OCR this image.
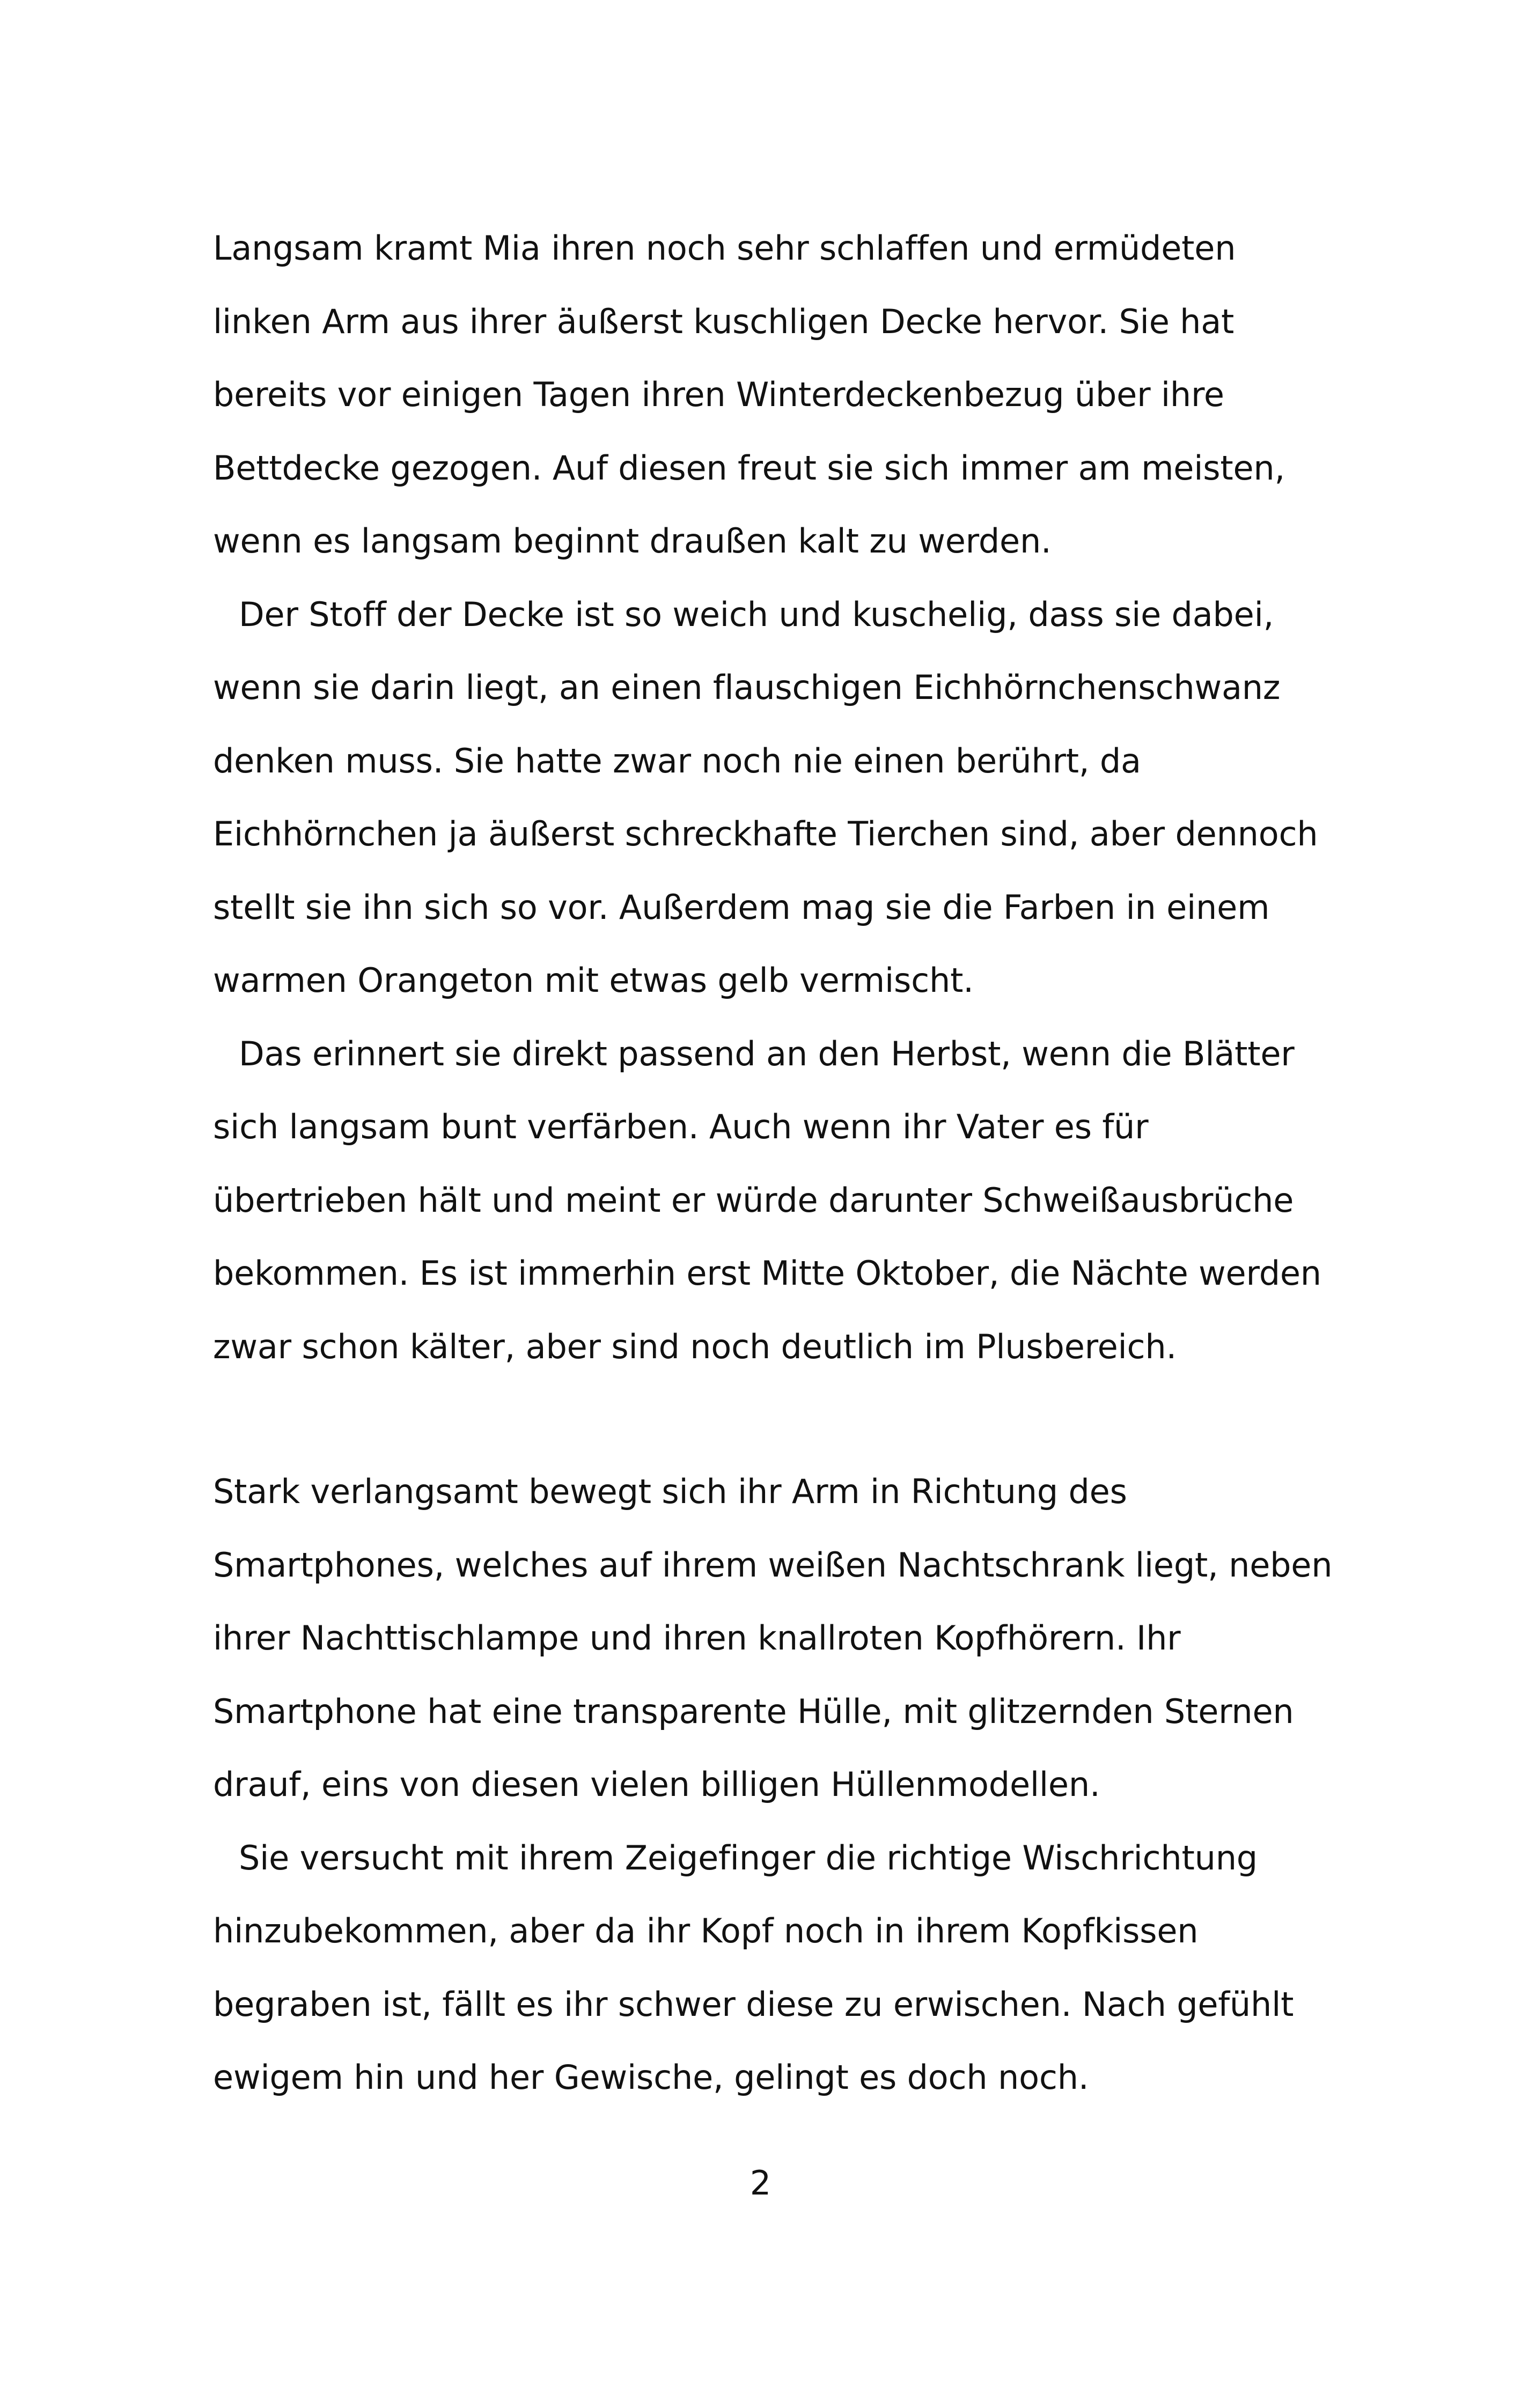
Langsam kramt Mia ihren noch sehr schlaffen und ermüdeten
linken Arm aus ihrer äußerst kuschligen Decke hervor. Sie hat
bereits vor einigen Tagen ihren Winterdeckenbezug über ihre
Bettdecke gezogen. Auf diesen freut sie sich immer am meisten,
wenn es langsam beginnt draußen kalt zu werden.
Der Stoff der Decke ist so weich und kuschelig, dass sie dabei,
wenn sie darin liegt, an einen flauschigen Eichhörnchenschwanz
denken muss. Sie hatte zwar noch nie einen berührt, da
Eichhörnchen ja äußerst schreckhafte Tierchen sind, aber dennoch
stellt sie ihn sich so vor. Außerdem mag sie die Farben in einem
warmen Orangeton mit etwas gelb vermischt.
Das erinnert sie direkt passend an den Herbst, wenn die Blätter
sich langsam bunt verfärben. Auch wenn ihr Vater es für
übertrieben hält und meint er würde darunter Schweißausbrüche
bekommen. Es ist immerhin erst Mitte Oktober, die Nächte werden
zwar schon kälter, aber sind noch deutlich im Plusbereich.
Stark verlangsamt bewegt sich ihr Arm in Richtung des
Smartphones, welches auf ihrem weißen Nachtschrank liegt, neben
ihrer Nachttischlampe und ihren knallroten Kopfhörern. Ihr
Smartphone hat eine transparente Hülle, mit glitzernden Sternen
drauf, eins von diesen vielen billigen Hüllenmodellen.
Sie versucht mit ihrem Zeigefinger die richtige Wischrichtung
hinzubekommen, aber da ihr Kopf noch in ihrem Kopfkissen
begraben ist, fällt es ihr schwer diese zu erwischen. Nach gefühlt
ewigem hin und her Gewische, gelingt es doch noch.
2
